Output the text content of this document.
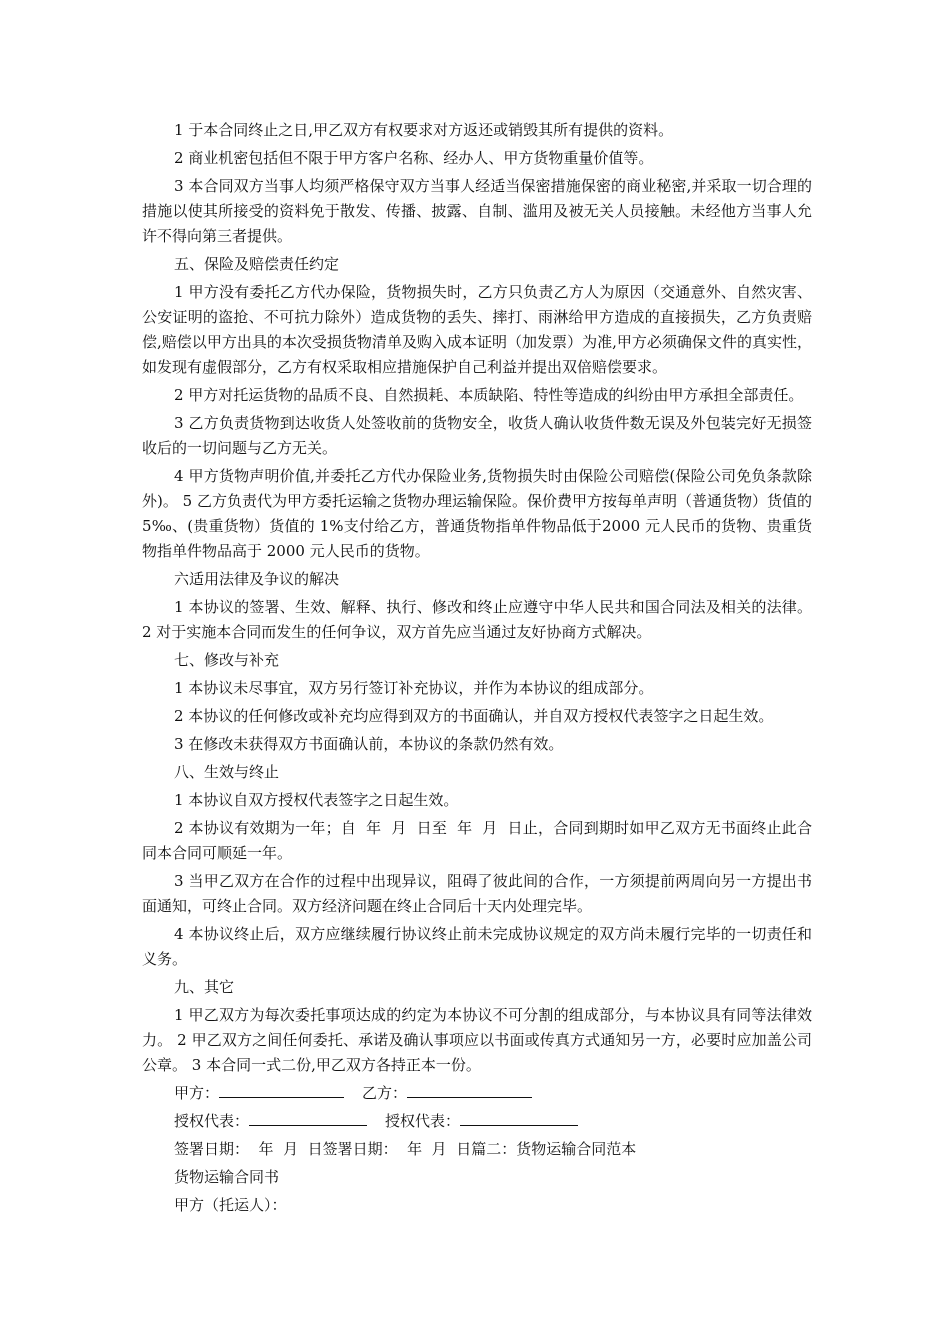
1 于本合同终止之日,甲乙双方有权要求对方返还或销毁其所有提供的资料。
2 商业机密包括但不限于甲方客户名称、经办人、甲方货物重量价值等。
3 本合同双方当事人均须严格保守双方当事人经适当保密措施保密的商业秘密,并采取一切合理的措施以使其所接受的资料免于散发、传播、披露、自制、滥用及被无关人员接触。未经他方当事人允许不得向第三者提供。
五、保险及赔偿责任约定
1 甲方没有委托乙方代办保险，货物损失时，乙方只负责乙方人为原因（交通意外、自然灾害、公安证明的盗抢、不可抗力除外）造成货物的丢失、摔打、雨淋给甲方造成的直接损失，乙方负责赔偿,赔偿以甲方出具的本次受损货物清单及购入成本证明（加发票）为准,甲方必须确保文件的真实性，如发现有虚假部分，乙方有权采取相应措施保护自己利益并提出双倍赔偿要求。
2 甲方对托运货物的品质不良、自然损耗、本质缺陷、特性等造成的纠纷由甲方承担全部责任。
3 乙方负责货物到达收货人处签收前的货物安全，收货人确认收货件数无误及外包装完好无损签收后的一切问题与乙方无关。
4 甲方货物声明价值,并委托乙方代办保险业务,货物损失时由保险公司赔偿(保险公司免负条款除外)。 5 乙方负责代为甲方委托运输之货物办理运输保险。保价费甲方按每单声明（普通货物）货值的 5‰、(贵重货物）货值的 1%支付给乙方，普通货物指单件物品低于2000 元人民币的货物、贵重货物指单件物品高于 2000 元人民币的货物。
六适用法律及争议的解决
1 本协议的签署、生效、解释、执行、修改和终止应遵守中华人民共和国合同法及相关的法律。 2 对于实施本合同而发生的任何争议，双方首先应当通过友好协商方式解决。
七、修改与补充
1 本协议未尽事宜，双方另行签订补充协议，并作为本协议的组成部分。
2 本协议的任何修改或补充均应得到双方的书面确认，并自双方授权代表签字之日起生效。
3 在修改未获得双方书面确认前，本协议的条款仍然有效。
八、生效与终止
1 本协议自双方授权代表签字之日起生效。
2 本协议有效期为一年；自  年  月  日至  年  月  日止，合同到期时如甲乙双方无书面终止此合同本合同可顺延一年。
3 当甲乙双方在合作的过程中出现异议，阻碍了彼此间的合作，一方须提前两周向另一方提出书面通知，可终止合同。双方经济问题在终止合同后十天内处理完毕。
4 本协议终止后，双方应继续履行协议终止前未完成协议规定的双方尚未履行完毕的一切责任和义务。
九、其它
1 甲乙双方为每次委托事项达成的约定为本协议不可分割的组成部分，与本协议具有同等法律效力。 2 甲乙双方之间任何委托、承诺及确认事项应以书面或传真方式通知另一方，必要时应加盖公司公章。 3 本合同一式二份,甲乙双方各持正本一份。
甲方：	乙方：
授权代表：	授权代表：
签署日期：  年  月  日签署日期：  年  月  日篇二：货物运输合同范本
货物运输合同书
甲方（托运人）：
